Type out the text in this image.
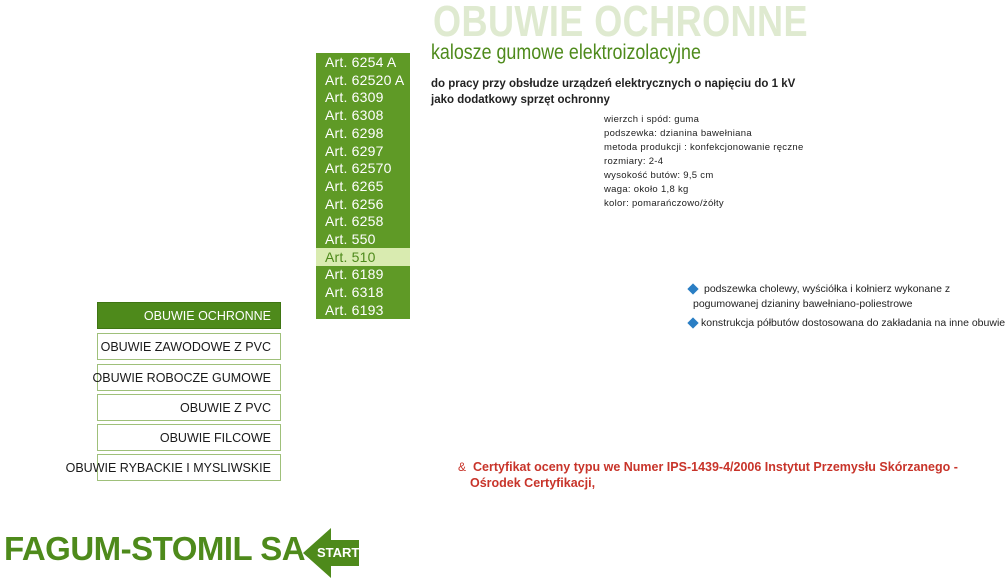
OBUWIE OCHRONNE
kalosze gumowe elektroizolacyjne
do pracy przy obsłudze urządzeń elektrycznych o napięciu do 1 kV
jako dodatkowy sprzęt ochronny
wierzch i spód: guma
podszewka: dzianina bawełniana
metoda produkcji : konfekcjonowanie ręczne
rozmiary: 2-4
wysokość butów: 9,5 cm
waga: około 1,8 kg
kolor: pomarańczowo/żółty
podszewka cholewy, wyściółka i kołnierz wykonane z
pogumowanej dzianiny bawełniano-poliestrowe
konstrukcja półbutów dostosowana do zakładania na inne obuwie
Art. 6254 A
Art. 62520 A
Art. 6309
Art. 6308
Art. 6298
Art. 6297
Art. 62570
Art. 6265
Art. 6256
Art. 6258
Art. 550
Art. 510
Art. 6189
Art. 6318
Art. 6193
OBUWIE OCHRONNE
OBUWIE ZAWODOWE Z PVC
OBUWIE ROBOCZE GUMOWE
OBUWIE Z PVC
OBUWIE FILCOWE
OBUWIE RYBACKIE I MYSLIWSKIE	& Certyfikat oceny typu we Numer IPS-1439-4/2006 Instytut Przemysłu Skórzanego -
Ośrodek Certyfikacji,
FAGUM-STOMIL SA START
